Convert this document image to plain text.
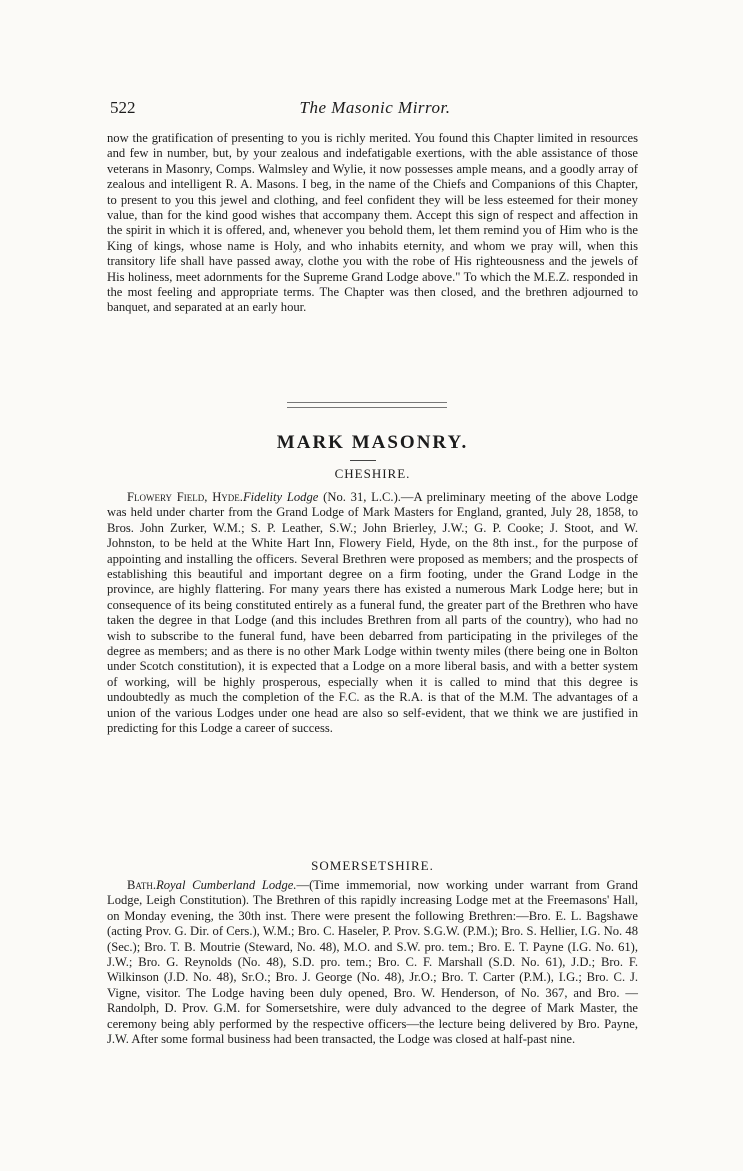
522	The Masonic Mirror.

now the gratification of presenting to you is richly merited. You found this Chapter limited in resources and few in number, but, by your zealous and indefatigable exertions, with the able assistance of those veterans in Masonry, Comps. Walmsley and Wylie, it now possesses ample means, and a goodly array of zealous and intelligent R. A. Masons. I beg, in the name of the Chiefs and Companions of this Chapter, to present to you this jewel and clothing, and feel confident they will be less esteemed for their money value, than for the kind good wishes that accompany them. Accept this sign of respect and affection in the spirit in which it is offered, and, whenever you behold them, let them remind you of Him who is the King of kings, whose name is Holy, and who inhabits eternity, and whom we pray will, when this transitory life shall have passed away, clothe you with the robe of His righteousness and the jewels of His holiness, meet adornments for the Supreme Grand Lodge above." To which the M.E.Z. responded in the most feeling and appropriate terms. The Chapter was then closed, and the brethren adjourned to banquet, and separated at an early hour.

MARK MASONRY.
CHESHIRE.

Flowery Field, Hyde.Fidelity Lodge (No. 31, L.C.).—A preliminary meeting of the above Lodge was held under charter from the Grand Lodge of Mark Masters for England, granted, July 28, 1858, to Bros. John Zurker, W.M.; S. P. Leather, S.W.; John Brierley, J.W.; G. P. Cooke; J. Stoot, and W. Johnston, to be held at the White Hart Inn, Flowery Field, Hyde, on the 8th inst., for the purpose of appointing and installing the officers. Several Brethren were proposed as members; and the prospects of establishing this beautiful and important degree on a firm footing, under the Grand Lodge in the province, are highly flattering. For many years there has existed a numerous Mark Lodge here; but in consequence of its being constituted entirely as a funeral fund, the greater part of the Brethren who have taken the degree in that Lodge (and this includes Brethren from all parts of the country), who had no wish to subscribe to the funeral fund, have been debarred from participating in the privileges of the degree as members; and as there is no other Mark Lodge within twenty miles (there being one in Bolton under Scotch constitution), it is expected that a Lodge on a more liberal basis, and with a better system of working, will be highly prosperous, especially when it is called to mind that this degree is undoubtedly as much the completion of the F.C. as the R.A. is that of the M.M. The advantages of a union of the various Lodges under one head are also so self-evident, that we think we are justified in predicting for this Lodge a career of success.

SOMERSETSHIRE.

Bath.Royal Cumberland Lodge.—(Time immemorial, now working under warrant from Grand Lodge, Leigh Constitution). The Brethren of this rapidly increasing Lodge met at the Freemasons' Hall, on Monday evening, the 30th inst. There were present the following Brethren:—Bro. E. L. Bagshawe (acting Prov. G. Dir. of Cers.), W.M.; Bro. C. Haseler, P. Prov. S.G.W. (P.M.); Bro. S. Hellier, I.G. No. 48 (Sec.); Bro. T. B. Moutrie (Steward, No. 48), M.O. and S.W. pro. tem.; Bro. E. T. Payne (I.G. No. 61), J.W.; Bro. G. Reynolds (No. 48), S.D. pro. tem.; Bro. C. F. Marshall (S.D. No. 61), J.D.; Bro. F. Wilkinson (J.D. No. 48), Sr.O.; Bro. J. George (No. 48), Jr.O.; Bro. T. Carter (P.M.), I.G.; Bro. C. J. Vigne, visitor. The Lodge having been duly opened, Bro. W. Henderson, of No. 367, and Bro. — Randolph, D. Prov. G.M. for Somersetshire, were duly advanced to the degree of Mark Master, the ceremony being ably performed by the respective officers—the lecture being delivered by Bro. Payne, J.W. After some formal business had been transacted, the Lodge was closed at half-past nine.
